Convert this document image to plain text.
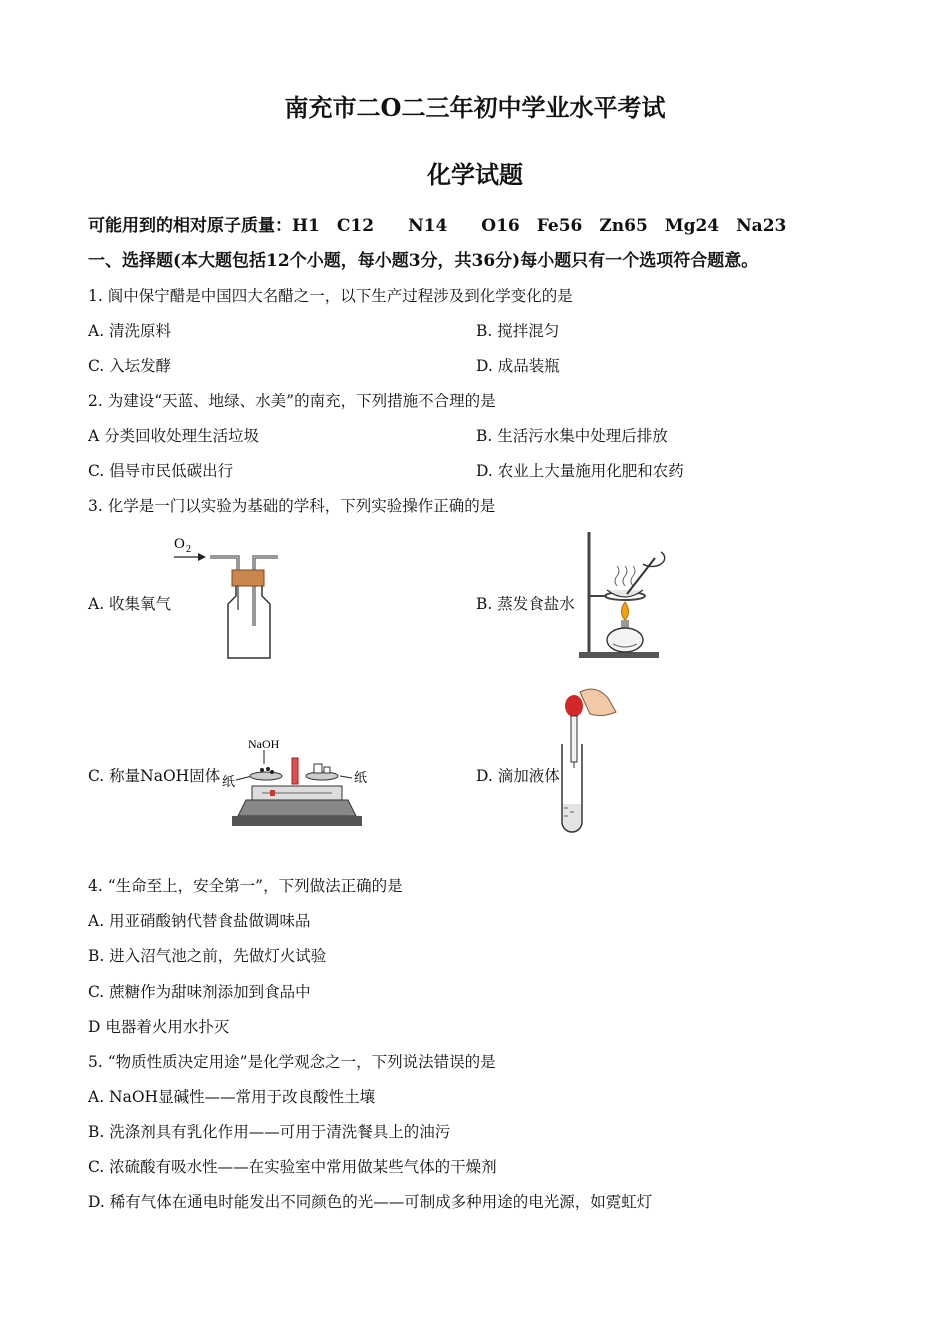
南充市二O二三年初中学业水平考试
化学试题
可能用到的相对原子质量：H1　C12　　N14　　O16　Fe56　Zn65　Mg24　Na23
一、选择题(本大题包括12个小题，每小题3分，共36分)每小题只有一个选项符合题意。
1. 阆中保宁醋是中国四大名醋之一，以下生产过程涉及到化学变化的是
A. 清洗原料	B. 搅拌混匀
C. 入坛发酵	D. 成品装瓶
2. 为建设“天蓝、地绿、水美”的南充，下列措施不合理的是
A 分类回收处理生活垃圾	B. 生活污水集中处理后排放
C. 倡导市民低碳出行	D. 农业上大量施用化肥和农药
3. 化学是一门以实验为基础的学科，下列实验操作正确的是
A. 收集氧气	B. 蒸发食盐水
C. 称量NaOH固体	D. 滴加液体
O 2
NaOH
纸	纸
4. “生命至上，安全第一”，下列做法正确的是
A. 用亚硝酸钠代替食盐做调味品
B. 进入沼气池之前，先做灯火试验
C. 蔗糖作为甜味剂添加到食品中
D 电器着火用水扑灭
5. “物质性质决定用途”是化学观念之一，下列说法错误的是
A. NaOH显碱性——常用于改良酸性土壤
B. 洗涤剂具有乳化作用——可用于清洗餐具上的油污
C. 浓硫酸有吸水性——在实验室中常用做某些气体的干燥剂
D. 稀有气体在通电时能发出不同颜色的光——可制成多种用途的电光源，如霓虹灯
